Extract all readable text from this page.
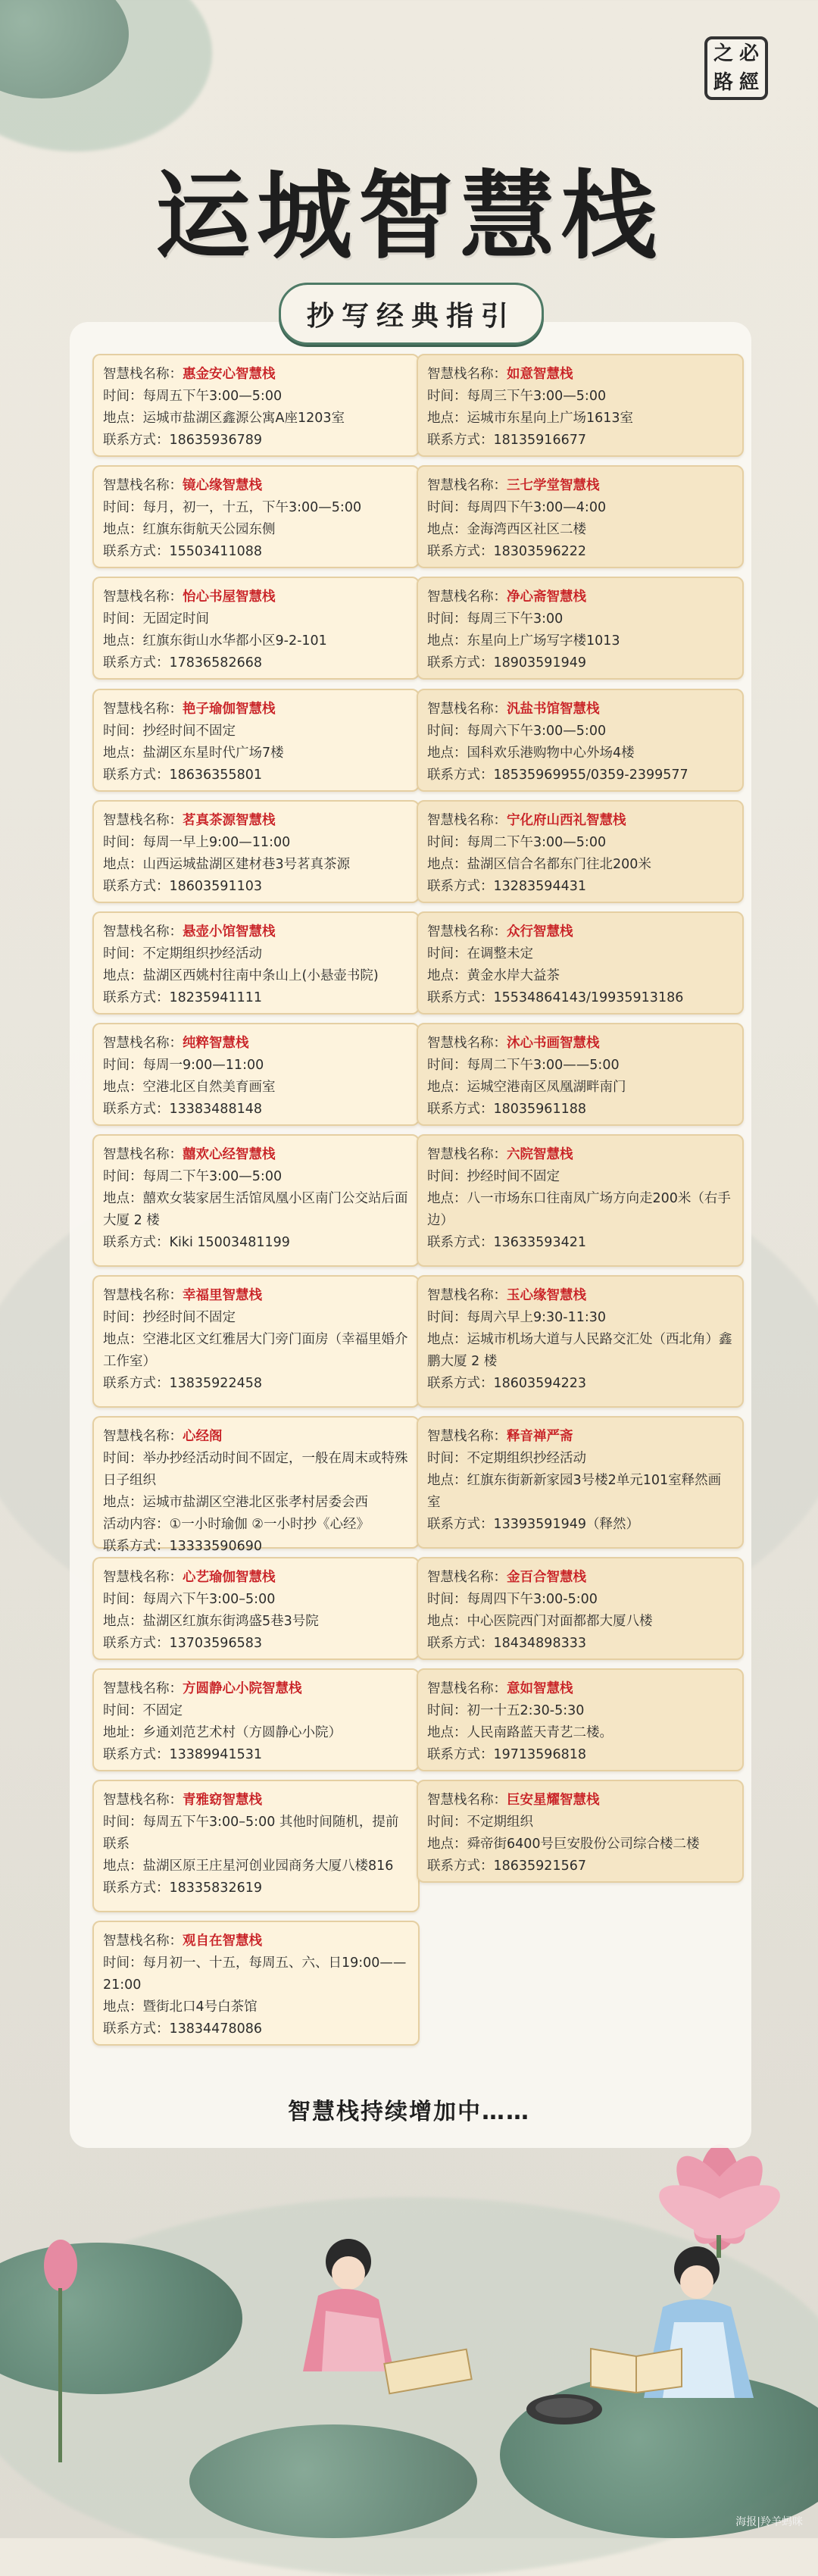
之 必
路 經
运城智慧栈
智慧栈名称：惠金安心智慧栈
时间：每周五下午3:00—5:00
地点：运城市盐湖区鑫源公寓A座1203室
联系方式：18635936789
智慧栈名称：镜心缘智慧栈
时间：每月，初一，十五，下午3:00—5:00
地点：红旗东街航天公园东侧
联系方式：15503411088
智慧栈名称：怡心书屋智慧栈
时间：无固定时间
地点：红旗东街山水华都小区9-2-101
联系方式：17836582668
智慧栈名称：艳子瑜伽智慧栈
时间：抄经时间不固定
地点：盐湖区东星时代广场7楼
联系方式：18636355801
智慧栈名称：茗真茶源智慧栈
时间：每周一早上9:00—11:00
地点：山西运城盐湖区建材巷3号茗真茶源
联系方式：18603591103
智慧栈名称：悬壶小馆智慧栈
时间：不定期组织抄经活动
地点：盐湖区西姚村往南中条山上(小悬壶书院)
联系方式：18235941111
智慧栈名称：纯粹智慧栈
时间：每周一9:00—11:00
地点：空港北区自然美育画室
联系方式：13383488148
智慧栈名称：囍欢心经智慧栈
时间：每周二下午3:00—5:00
地点：囍欢女装家居生活馆凤凰小区南门公交站后面大厦 2 楼
联系方式：Kiki 15003481199
智慧栈名称：幸福里智慧栈
时间：抄经时间不固定
地点：空港北区文红雅居大门旁门面房（幸福里婚介工作室）
联系方式：13835922458
智慧栈名称：心经阁
时间：举办抄经活动时间不固定，一般在周末或特殊日子组织
地点：运城市盐湖区空港北区张孝村居委会西
活动内容：①一小时瑜伽 ②一小时抄《心经》
联系方式：13333590690
智慧栈名称：心艺瑜伽智慧栈
时间：每周六下午3:00–5:00
地点：盐湖区红旗东街鸿盛5巷3号院
联系方式：13703596583
智慧栈名称：方圆静心小院智慧栈
时间：不固定
地址：乡通刘范艺术村（方圆静心小院）
联系方式：13389941531
智慧栈名称：青雅窈智慧栈
时间：每周五下午3:00–5:00 其他时间随机，提前联系
地点：盐湖区原王庄星河创业园商务大厦八楼816
联系方式：18335832619
智慧栈名称：观自在智慧栈
时间：每月初一、十五，每周五、六、日19:00——21:00
地点：暨街北口4号白茶馆
联系方式：13834478086
智慧栈名称：如意智慧栈
时间：每周三下午3:00—5:00
地点：运城市东星向上广场1613室
联系方式：18135916677
智慧栈名称：三七学堂智慧栈
时间：每周四下午3:00—4:00
地点：金海湾西区社区二楼
联系方式：18303596222
智慧栈名称：净心斋智慧栈
时间：每周三下午3:00
地点：东星向上广场写字楼1013
联系方式：18903591949
智慧栈名称：汎盐书馆智慧栈
时间：每周六下午3:00—5:00
地点：国科欢乐港购物中心外场4楼
联系方式：18535969955/0359-2399577
智慧栈名称：宁化府山西礼智慧栈
时间：每周二下午3:00—5:00
地点：盐湖区信合名都东门往北200米
联系方式：13283594431
智慧栈名称：众行智慧栈
时间：在调整未定
地点：黄金水岸大益茶
联系方式：15534864143/19935913186
智慧栈名称：沐心书画智慧栈
时间：每周二下午3:00——5:00
地点：运城空港南区凤凰湖畔南门
联系方式：18035961188
智慧栈名称：六院智慧栈
时间：抄经时间不固定
地点：八一市场东口往南凤广场方向走200米（右手边）
联系方式：13633593421
智慧栈名称：玉心缘智慧栈
时间：每周六早上9:30-11:30
地点：运城市机场大道与人民路交汇处（西北角）鑫鹏大厦 2 楼
联系方式：18603594223
智慧栈名称：释音禅严斋
时间：不定期组织抄经活动
地点：红旗东街新新家园3号楼2单元101室释然画室
联系方式：13393591949（释然）
智慧栈名称：金百合智慧栈
时间：每周四下午3:00-5:00
地点：中心医院西门对面都都大厦八楼
联系方式：18434898333
智慧栈名称：意如智慧栈
时间：初一十五2:30-5:30
地点：人民南路蓝天青艺二楼。
联系方式：19713596818
智慧栈名称：巨安星耀智慧栈
时间：不定期组织
地点：舜帝街6400号巨安股份公司综合楼二楼
联系方式：18635921567
抄写经典指引
智慧栈持续增加中……
海报|羚羊蚂咪
